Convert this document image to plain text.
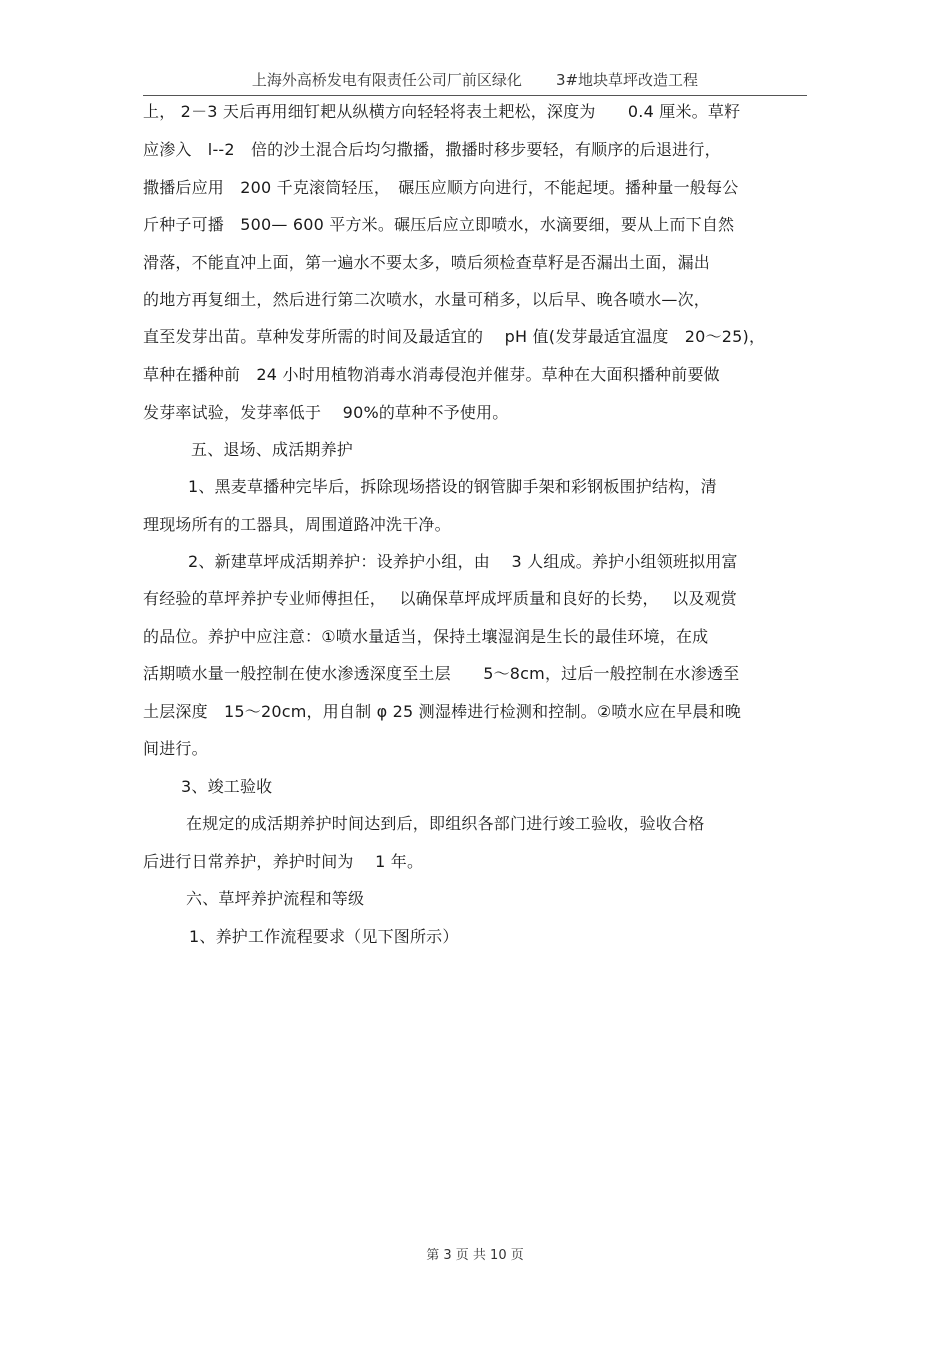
上海外高桥发电有限责任公司厂前区绿化 3#地块草坪改造工程
上， 2－3 天后再用细钉耙从纵横方向轻轻将表土耙松，深度为　　0.4 厘米。草籽
应渗入　l--2　倍的沙土混合后均匀撒播，撒播时移步要轻，有顺序的后退进行，
撒播后应用　200 千克滚筒轻压，　碾压应顺方向进行，不能起埂。播种量一般每公
斤种子可播　500— 600 平方米。碾压后应立即喷水，水滴要细，要从上而下自然
滑落，不能直冲上面，第一遍水不要太多，喷后须检查草籽是否漏出土面，漏出
的地方再复细土，然后进行第二次喷水，水量可稍多，以后早、晚各喷水—次，
直至发芽出苗。草种发芽所需的时间及最适宜的　 pH 值(发芽最适宜温度　20～25)，
草种在播种前　24 小时用植物消毒水消毒侵泡并催芽。草种在大面积播种前要做
发芽率试验，发芽率低于　 90%的草种不予使用。
五、退场、成活期养护
1、黑麦草播种完毕后，拆除现场搭设的钢管脚手架和彩钢板围护结构，清
理现场所有的工器具，周围道路冲洗干净。
2、新建草坪成活期养护：设养护小组，由　 3 人组成。养护小组领班拟用富
有经验的草坪养护专业师傅担任，　 以确保草坪成坪质量和良好的长势，　 以及观赏
的品位。养护中应注意：①喷水量适当，保持土壤湿润是生长的最佳环境，在成
活期喷水量一般控制在使水渗透深度至土层　　5～8cm，过后一般控制在水渗透至
土层深度　15～20cm，用自制 φ 25 测湿棒进行检测和控制。②喷水应在早晨和晚
间进行。
3、竣工验收
在规定的成活期养护时间达到后，即组织各部门进行竣工验收，验收合格
后进行日常养护，养护时间为　 1 年。
六、草坪养护流程和等级
1、养护工作流程要求（见下图所示）
第 3 页 共 10 页
